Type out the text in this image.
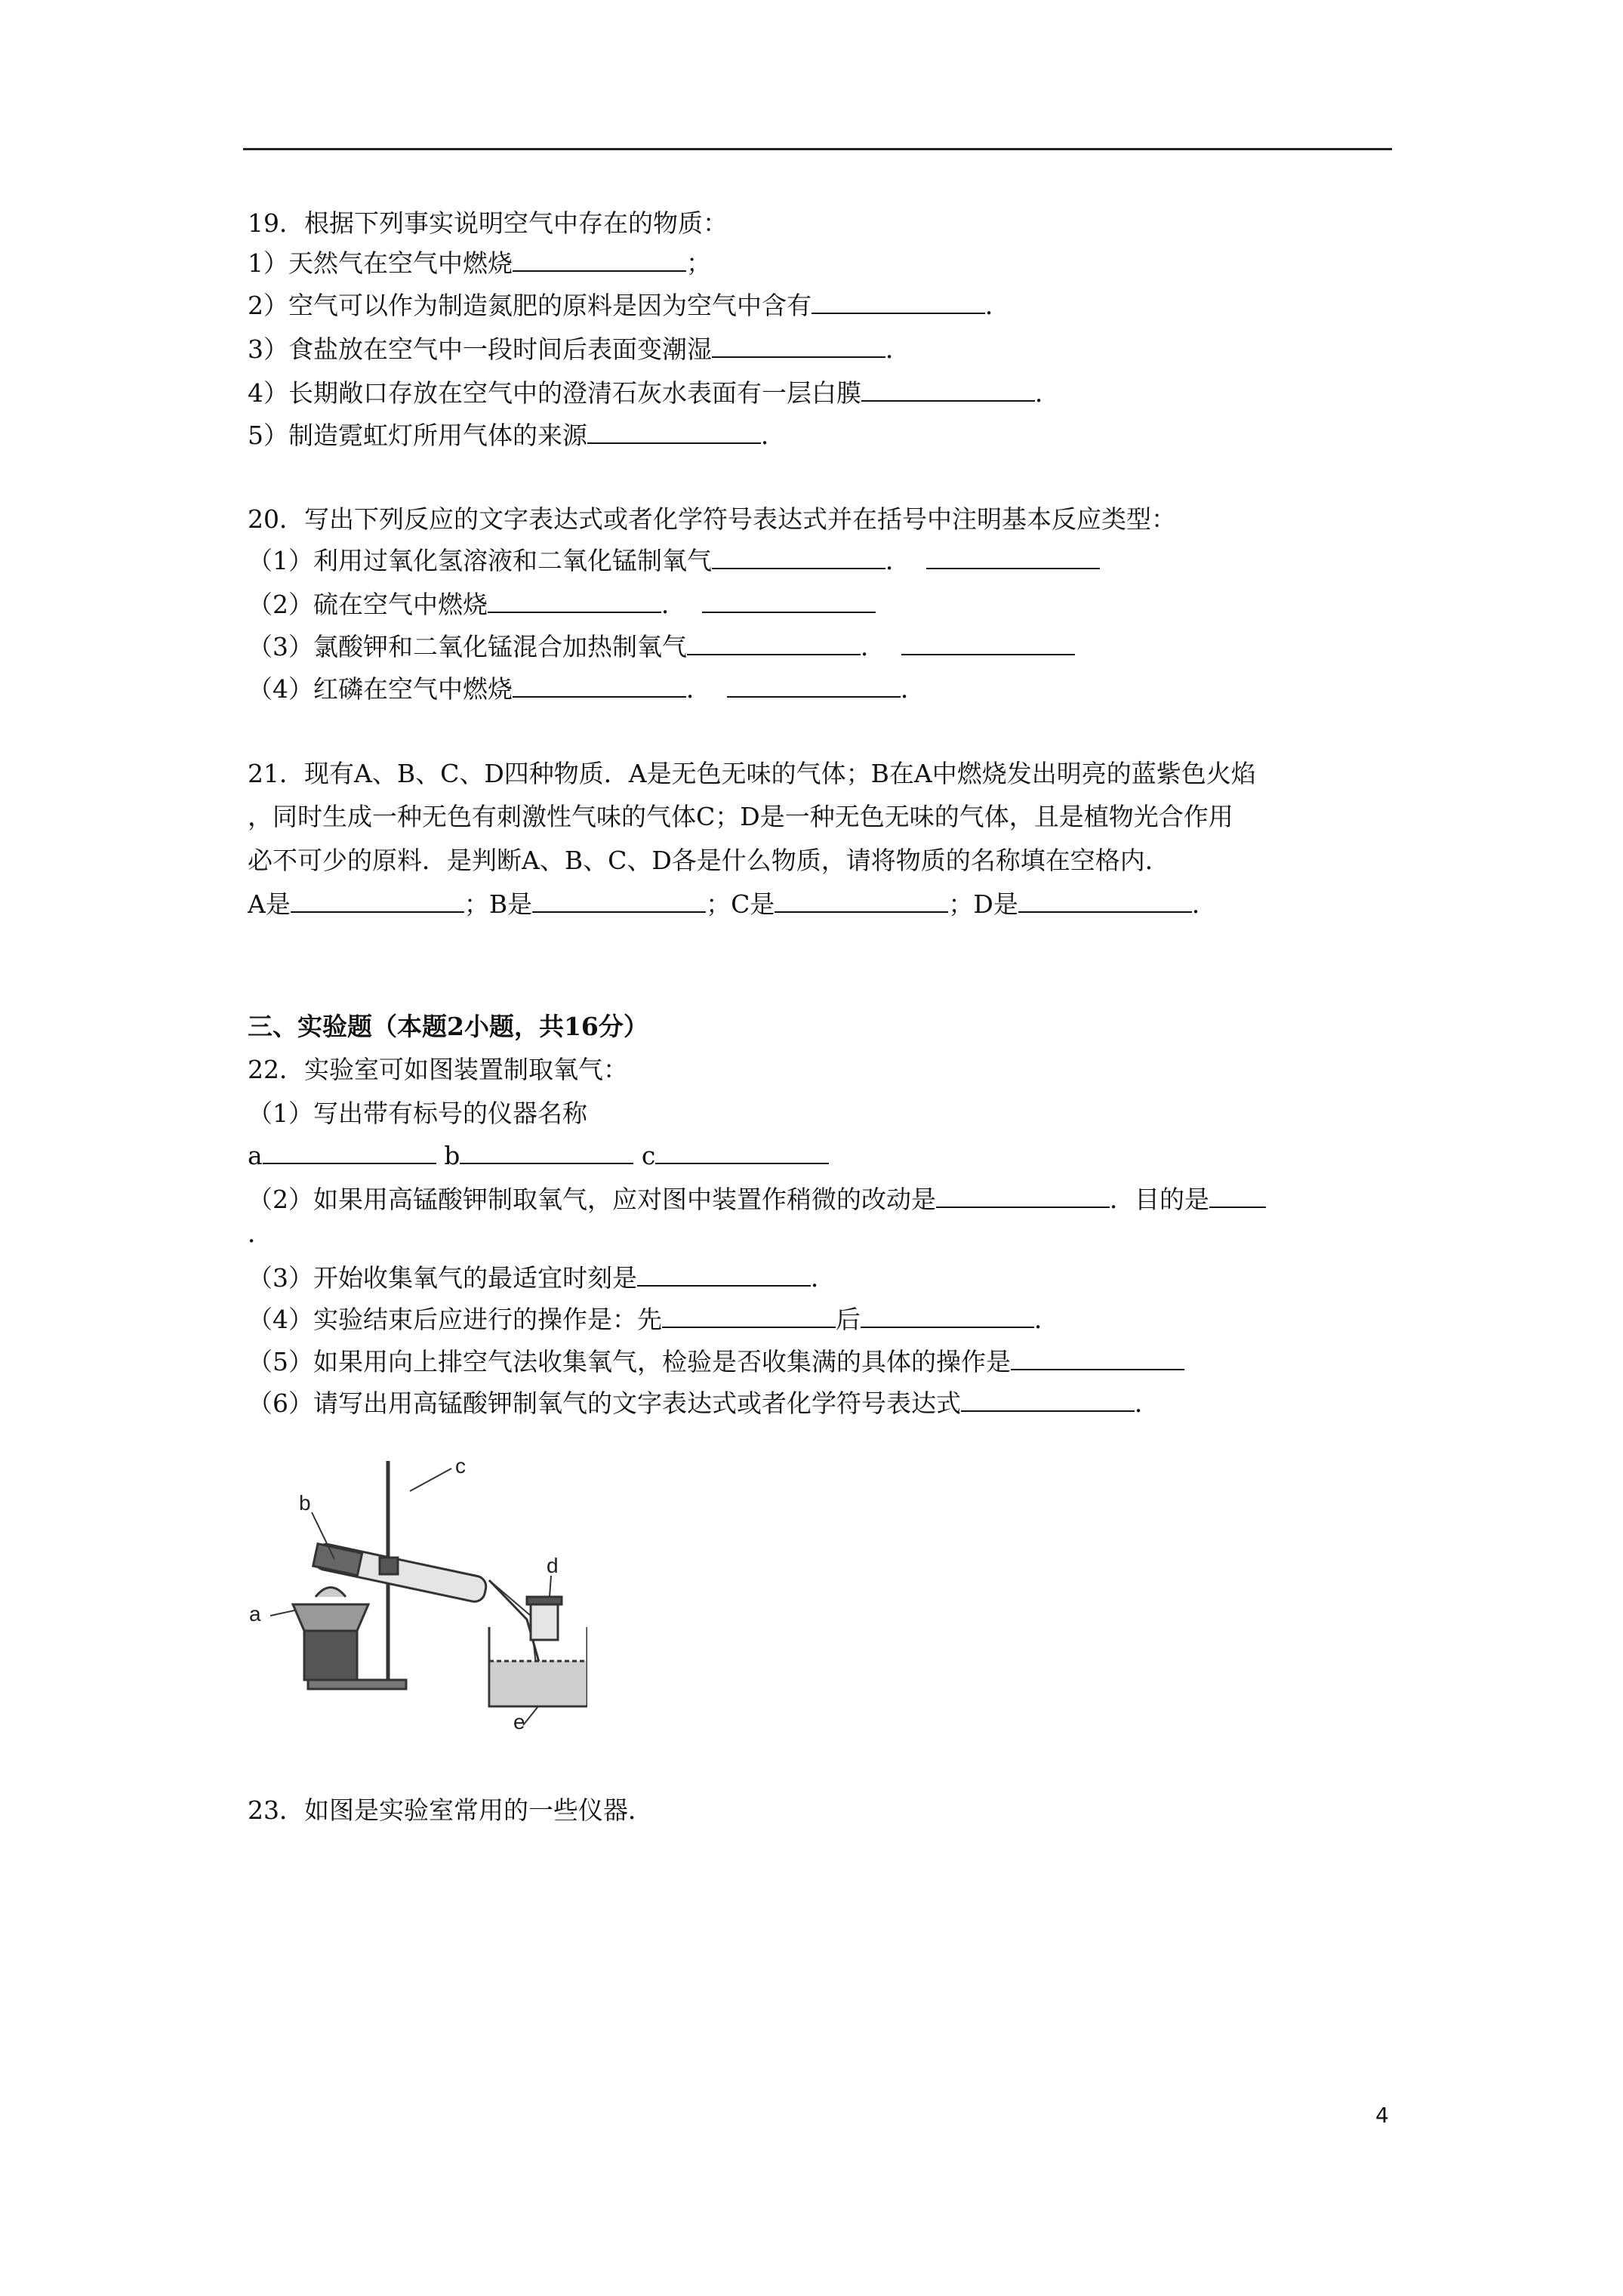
19．根据下列事实说明空气中存在的物质：
1）天然气在空气中燃烧	；
2）空气可以作为制造氮肥的原料是因为空气中含有	．
3）食盐放在空气中一段时间后表面变潮湿	．
4）长期敞口存放在空气中的澄清石灰水表面有一层白膜	．
5）制造霓虹灯所用气体的来源	．
20．写出下列反应的文字表达式或者化学符号表达式并在括号中注明基本反应类型：
（1）利用过氧化氢溶液和二氧化锰制氧气	．
（2）硫在空气中燃烧	．
（3）氯酸钾和二氧化锰混合加热制氧气	．
（4）红磷在空气中燃烧	．	．
21．现有A、B、C、D四种物质．A是无色无味的气体；B在A中燃烧发出明亮的蓝紫色火焰
，同时生成一种无色有刺激性气味的气体C；D是一种无色无味的气体，且是植物光合作用
必不可少的原料．是判断A、B、C、D各是什么物质，请将物质的名称填在空格内．
A是	；B是	；C是	；D是	．
三、实验题（本题2小题，共16分）
22．实验室可如图装置制取氧气：
（1）写出带有标号的仪器名称
a	b	c
（2）如果用高锰酸钾制取氧气，应对图中装置作稍微的改动是	．目的是
．
（3）开始收集氧气的最适宜时刻是	．
（4）实验结束后应进行的操作是：先	后	．
（5）如果用向上排空气法收集氧气，检验是否收集满的具体的操作是
（6）请写出用高锰酸钾制氧气的文字表达式或者化学符号表达式	．
a
b
c
d
e
23．如图是实验室常用的一些仪器．
4
